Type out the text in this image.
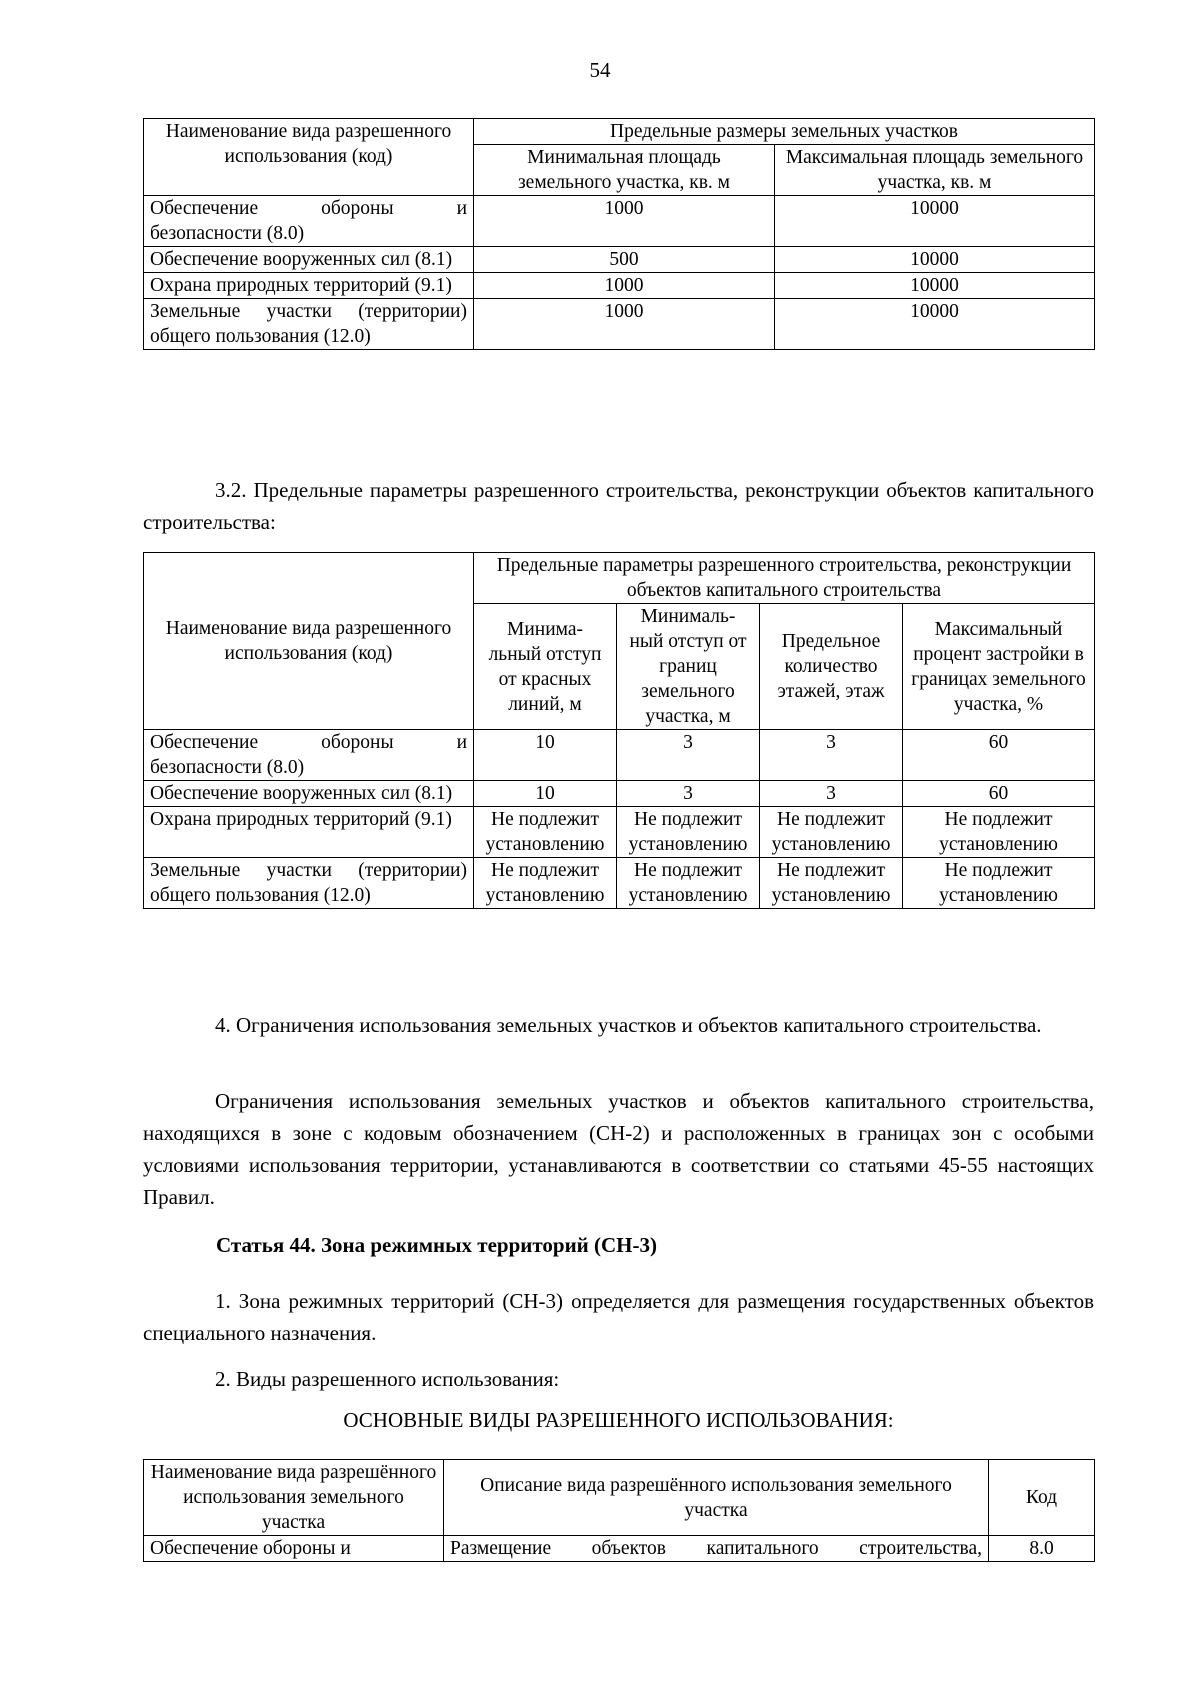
54
Наименование вида разрешенного использования (код)	Предельные размеры земельных участков	
	Минимальная площадь земельного участка, кв. м	Максимальная площадь земельного участка, кв. м
Обеспечение обороны и безопасности (8.0)	1000	10000
Обеспечение вооруженных сил (8.1)	500	10000
Охрана природных территорий (9.1)	1000	10000
Земельные участки (территории) общего пользования (12.0)	1000	10000

3.2. Предельные параметры разрешенного строительства, реконструкции объектов капитального строительства:

Наименование вида разрешенного использования (код)	Предельные параметры разрешенного строительства, реконструкции объектов капитального строительства			
	Минима- льный отступ от красных линий, м	Минималь- ный отступ от границ земельного участка, м	Предельное количество этажей, этаж	Максимальный процент застройки в границах земельного участка, %
Обеспечение обороны и безопасности (8.0)	10	3	3	60
Обеспечение вооруженных сил (8.1)	10	3	3	60
Охрана природных территорий (9.1)	Не подлежит установлению	Не подлежит установлению	Не подлежит установлению	Не подлежит установлению
Земельные участки (территории) общего пользования (12.0)	Не подлежит установлению	Не подлежит установлению	Не подлежит установлению	Не подлежит установлению

4. Ограничения использования земельных участков и объектов капитального строительства.

Ограничения использования земельных участков и объектов капитального строительства, находящихся в зоне с кодовым обозначением (СН-2) и расположенных в границах зон с особыми условиями использования территории, устанавливаются в соответствии со статьями 45-55 настоящих Правил.

Статья 44. Зона режимных территорий (СН-3)

1. Зона режимных территорий (СН-3) определяется для размещения государственных объектов специального назначения.

2. Виды разрешенного использования:

ОСНОВНЫЕ ВИДЫ РАЗРЕШЕННОГО ИСПОЛЬЗОВАНИЯ:
Наименование вида разрешённого использования земельного участка	Описание вида разрешённого использования земельного участка	Код
Обеспечение обороны и	Размещение объектов капитального строительства,	8.0
